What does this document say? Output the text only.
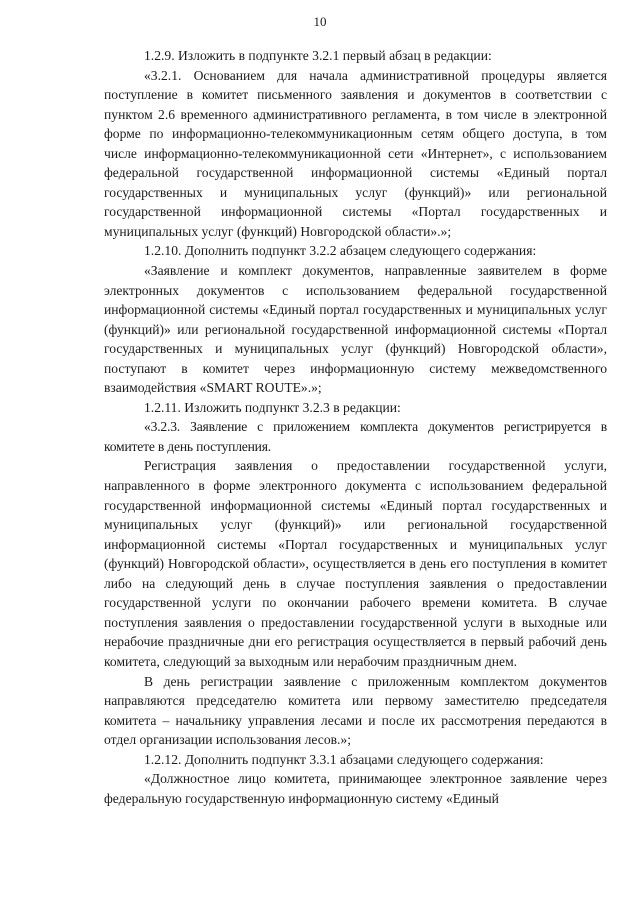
10

1.2.9. Изложить в подпункте 3.2.1 первый абзац в редакции:

«3.2.1. Основанием для начала административной процедуры является поступление в комитет письменного заявления и документов в соответствии с пунктом 2.6 временного административного регламента, в том числе в электронной форме по информационно-телекоммуникационным сетям общего доступа, в том числе информационно-телекоммуникационной сети «Интернет», с использованием федеральной государственной информационной системы «Единый портал государственных и муниципальных услуг (функций)» или региональной государственной информационной системы «Портал государственных и муниципальных услуг (функций) Новгородской области».»;

1.2.10. Дополнить подпункт 3.2.2 абзацем следующего содержания:

«Заявление и комплект документов, направленные заявителем в форме электронных документов с использованием федеральной государственной информационной системы «Единый портал государственных и муниципальных услуг (функций)» или региональной государственной информационной системы «Портал государственных и муниципальных услуг (функций) Новгородской области», поступают в комитет через информационную систему межведомственного взаимодействия «SMART ROUTE».»;

1.2.11. Изложить подпункт 3.2.3 в редакции:

«3.2.3. Заявление с приложением комплекта документов регистрируется в комитете в день поступления.

Регистрация заявления о предоставлении государственной услуги, направленного в форме электронного документа с использованием федеральной государственной информационной системы «Единый портал государственных и муниципальных услуг (функций)» или региональной государственной информационной системы «Портал государственных и муниципальных услуг (функций) Новгородской области», осуществляется в день его поступления в комитет либо на следующий день в случае поступления заявления о предоставлении государственной услуги по окончании рабочего времени комитета. В случае поступления заявления о предоставлении государственной услуги в выходные или нерабочие праздничные дни его регистрация осуществляется в первый рабочий день комитета, следующий за выходным или нерабочим праздничным днем.

В день регистрации заявление с приложенным комплектом документов направляются председателю комитета или первому заместителю председателя комитета – начальнику управления лесами и после их рассмотрения передаются в отдел организации использования лесов.»;

1.2.12. Дополнить подпункт 3.3.1 абзацами следующего содержания:

«Должностное лицо комитета, принимающее электронное заявление через федеральную государственную информационную систему «Единый
